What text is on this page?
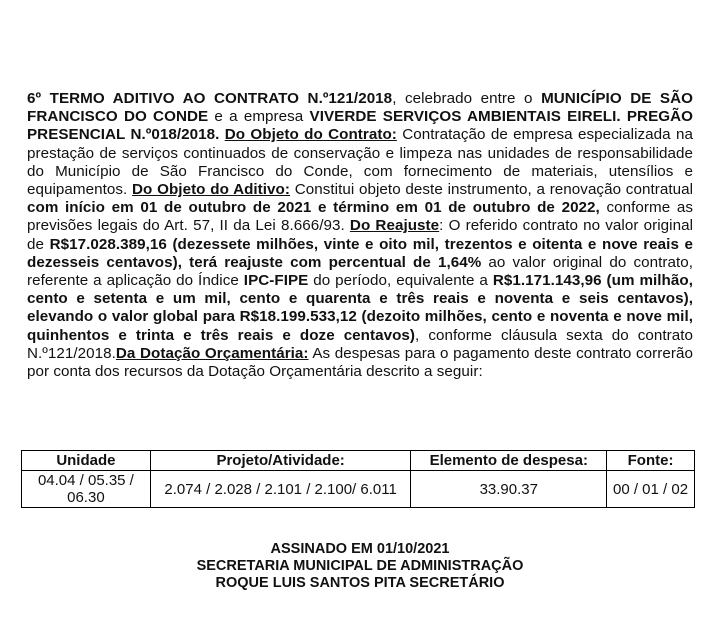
6º TERMO ADITIVO AO CONTRATO N.º121/2018, celebrado entre o MUNICÍPIO DE SÃO FRANCISCO DO CONDE e a empresa VIVERDE SERVIÇOS AMBIENTAIS EIRELI. PREGÃO PRESENCIAL N.º018/2018. Do Objeto do Contrato: Contratação de empresa especializada na prestação de serviços continuados de conservação e limpeza nas unidades de responsabilidade do Município de São Francisco do Conde, com fornecimento de materiais, utensílios e equipamentos. Do Objeto do Aditivo: Constitui objeto deste instrumento, a renovação contratual com início em 01 de outubro de 2021 e término em 01 de outubro de 2022, conforme as previsões legais do Art. 57, II da Lei 8.666/93. Do Reajuste: O referido contrato no valor original de R$17.028.389,16 (dezessete milhões, vinte e oito mil, trezentos e oitenta e nove reais e dezesseis centavos), terá reajuste com percentual de 1,64% ao valor original do contrato, referente a aplicação do Índice IPC-FIPE do período, equivalente a R$1.171.143,96 (um milhão, cento e setenta e um mil, cento e quarenta e três reais e noventa e seis centavos), elevando o valor global para R$18.199.533,12 (dezoito milhões, cento e noventa e nove mil, quinhentos e trinta e três reais e doze centavos), conforme cláusula sexta do contrato N.º121/2018.Da Dotação Orçamentária: As despesas para o pagamento deste contrato correrão por conta dos recursos da Dotação Orçamentária descrito a seguir:
Unidade	Projeto/Atividade:	Elemento de despesa:	Fonte:
04.04 / 05.35 / 06.30	2.074 / 2.028 / 2.101 / 2.100/ 6.011	33.90.37	00 / 01 / 02
ASSINADO EM 01/10/2021
SECRETARIA MUNICIPAL DE ADMINISTRAÇÃO
ROQUE LUIS SANTOS PITA SECRETÁRIO
